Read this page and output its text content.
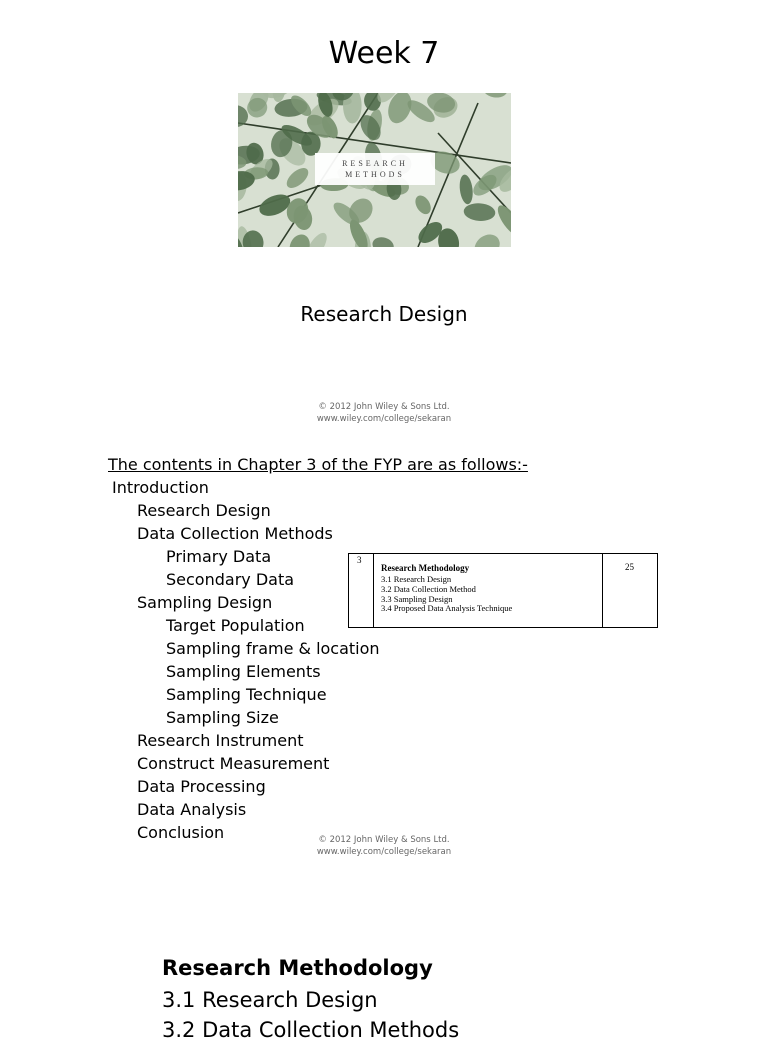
Week 7
RESEARCH
METHODS
Research Design
© 2012 John Wiley & Sons Ltd.
www.wiley.com/college/sekaran
The contents in Chapter 3 of the FYP are as follows:-
Introduction
Research Design
Data Collection Methods
Primary Data
Secondary Data
Sampling Design
Target Population
Sampling frame & location
Sampling Elements
Sampling Technique
Sampling Size
Research Instrument
Construct Measurement
Data Processing
Data Analysis
Conclusion
3
Research Methodology
3.1 Research Design
3.2 Data Collection Method
3.3 Sampling Design
3.4 Proposed Data Analysis Technique
25
© 2012 John Wiley & Sons Ltd.
www.wiley.com/college/sekaran
Research Methodology
3.1 Research Design
3.2 Data Collection Methods
